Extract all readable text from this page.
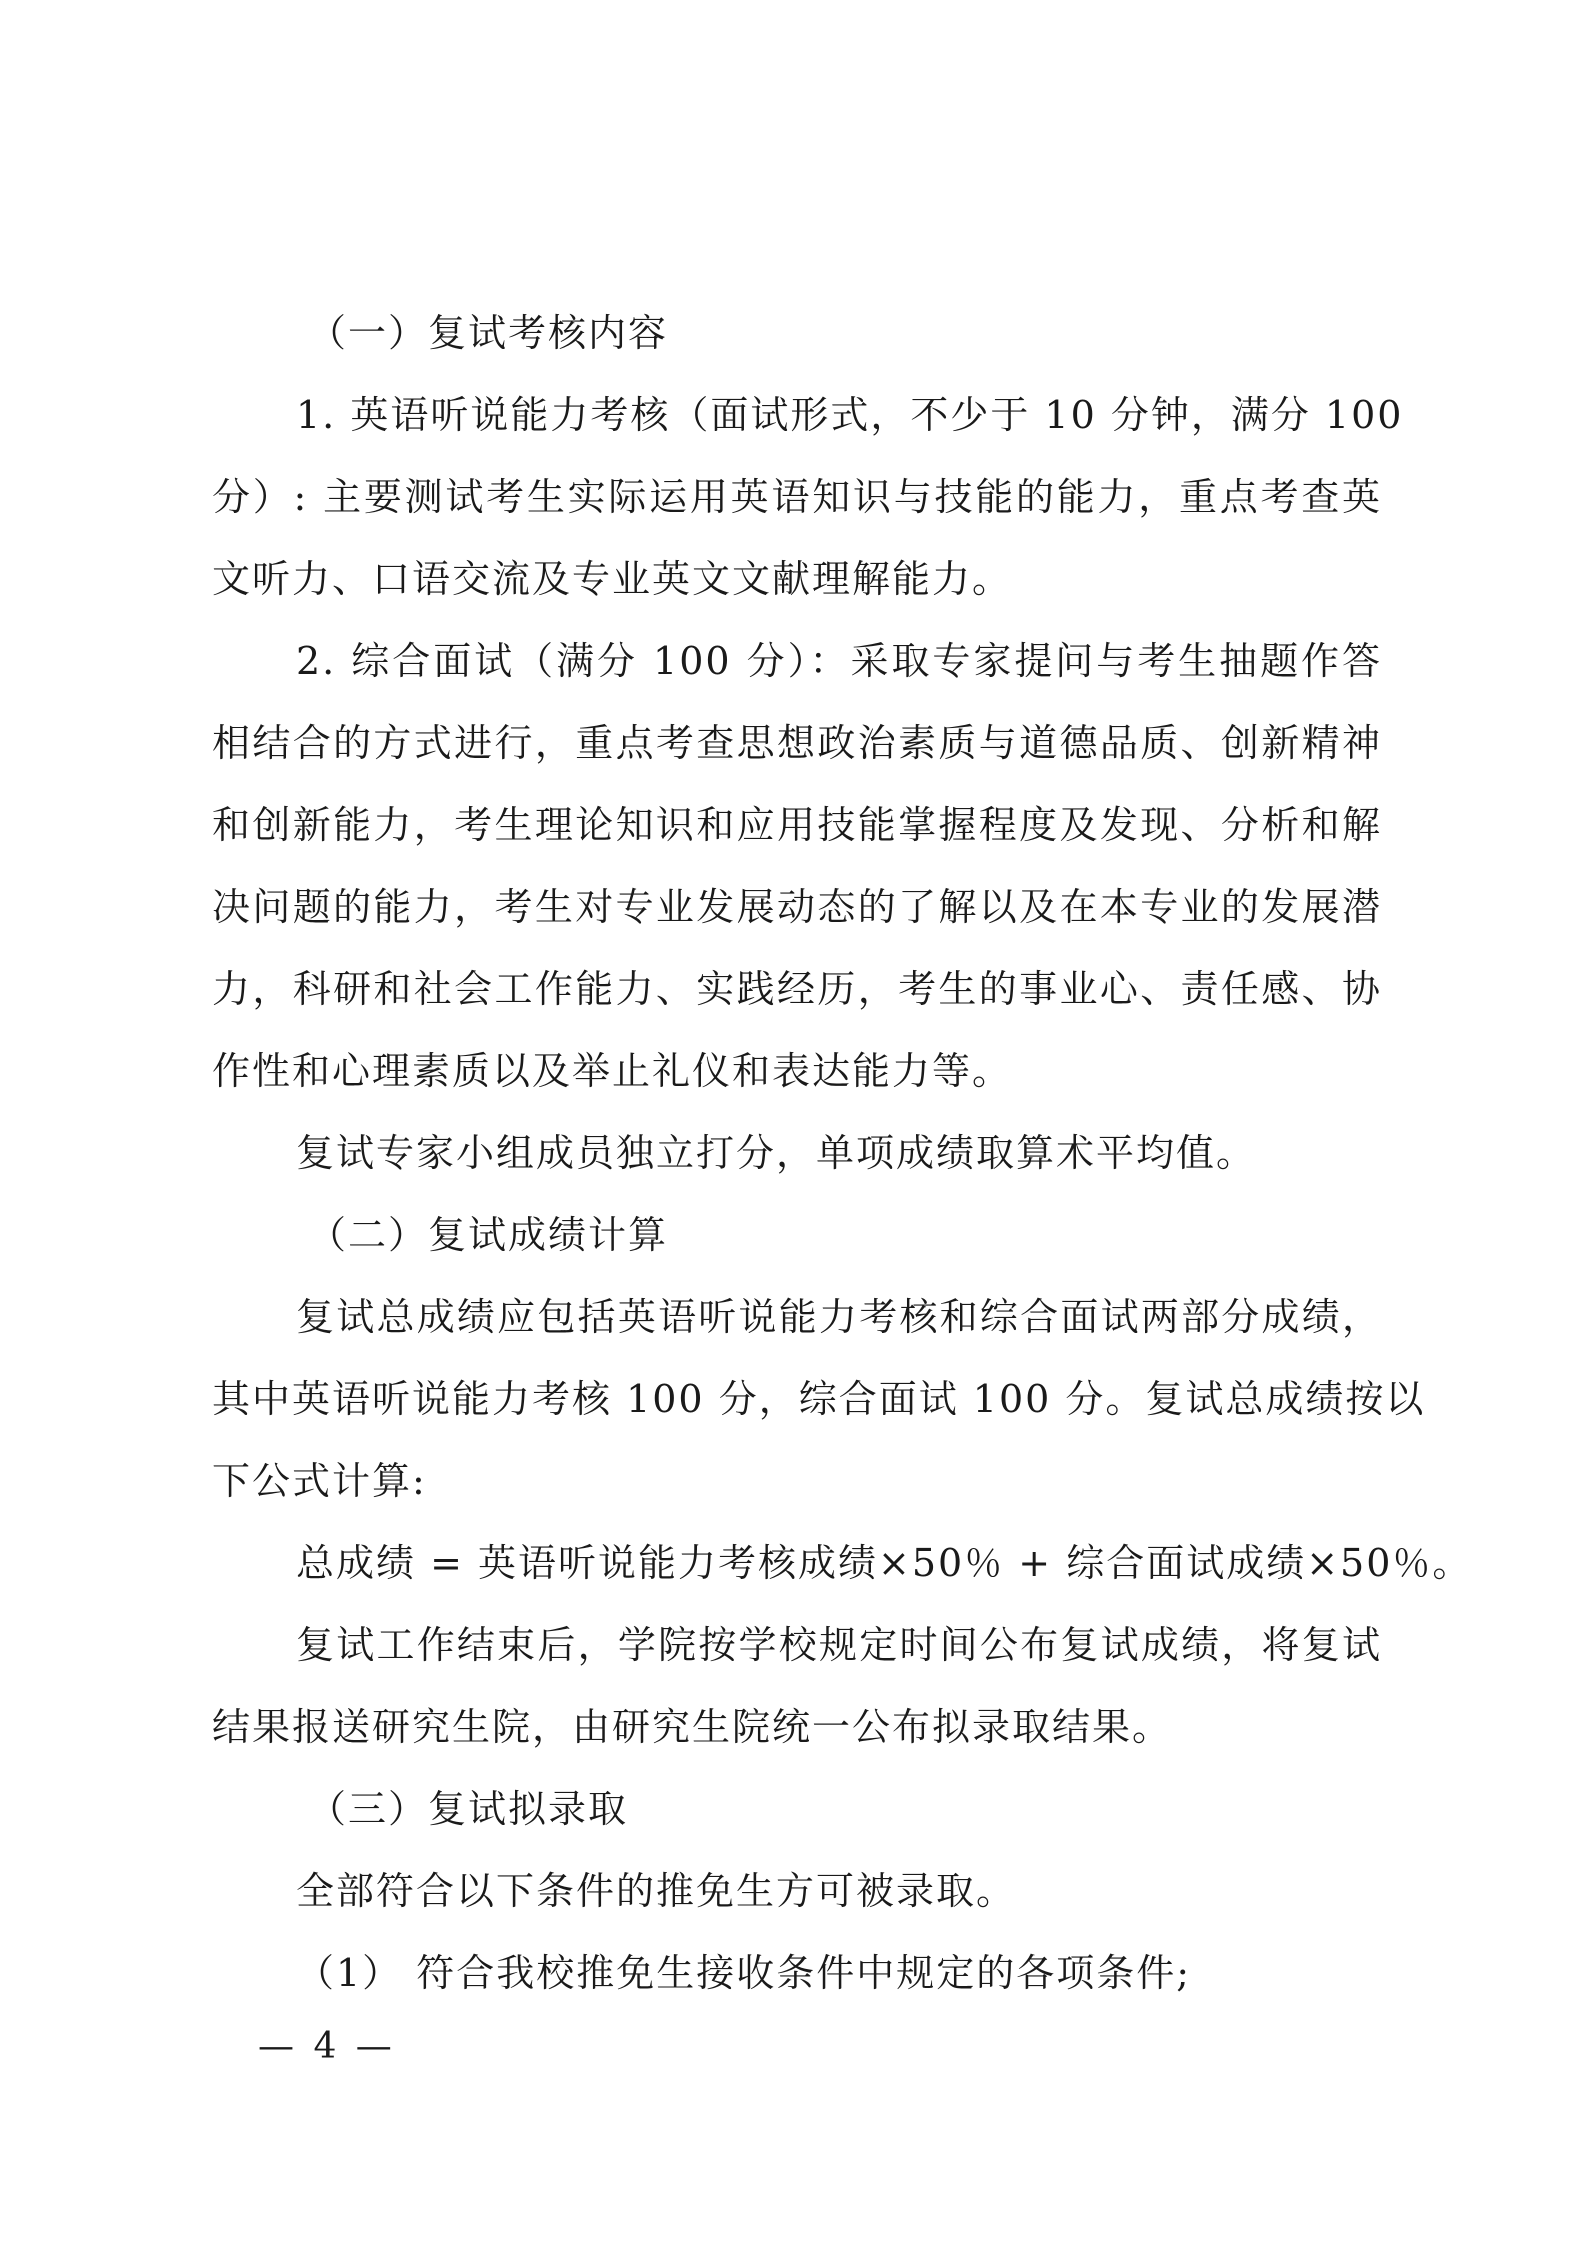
（一）复试考核内容
1. 英语听说能力考核（面试形式，不少于 10 分钟，满分 100
分）: 主要测试考生实际运用英语知识与技能的能力，重点考查英
文听力、口语交流及专业英文文献理解能力。
2. 综合面试（满分 100 分）：采取专家提问与考生抽题作答
相结合的方式进行，重点考查思想政治素质与道德品质、创新精神
和创新能力，考生理论知识和应用技能掌握程度及发现、分析和解
决问题的能力，考生对专业发展动态的了解以及在本专业的发展潜
力，科研和社会工作能力、实践经历，考生的事业心、责任感、协
作性和心理素质以及举止礼仪和表达能力等。
复试专家小组成员独立打分，单项成绩取算术平均值。
（二）复试成绩计算
复试总成绩应包括英语听说能力考核和综合面试两部分成绩，
其中英语听说能力考核 100 分，综合面试 100 分。复试总成绩按以
下公式计算:
总成绩 = 英语听说能力考核成绩×50％ + 综合面试成绩×50％。
复试工作结束后，学院按学校规定时间公布复试成绩，将复试
结果报送研究生院，由研究生院统一公布拟录取结果。
（三）复试拟录取
全部符合以下条件的推免生方可被录取。
（1） 符合我校推免生接收条件中规定的各项条件;
— 4 —
